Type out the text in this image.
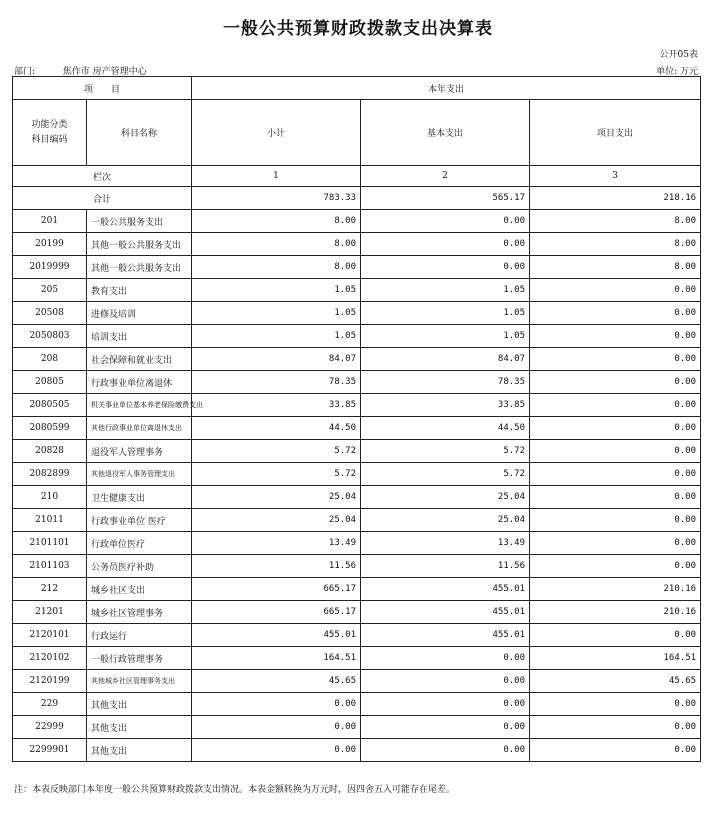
一般公共预算财政拨款支出决算表
公开05表
部门:	焦作市 房产管理中心	单位: 万元
项　　目		本年支出		
功能分类
科目编码	科目名称	小计	基本支出	项目支出
栏次		1	2	3
合计		783.33	565.17	218.16
201	一般公共服务支出	8.00	0.00	8.00
20199	其他一般公共服务支出	8.00	0.00	8.00
2019999	其他一般公共服务支出	8.00	0.00	8.00
205	教育支出	1.05	1.05	0.00
20508	进修及培训	1.05	1.05	0.00
2050803	培训支出	1.05	1.05	0.00
208	社会保障和就业支出	84.07	84.07	0.00
20805	行政事业单位离退休	78.35	78.35	0.00
2080505	机关事业单位基本养老保险缴费支出	33.85	33.85	0.00
2080599	其他行政事业单位离退休支出	44.50	44.50	0.00
20828	退役军人管理事务	5.72	5.72	0.00
2082899	其他退役军人事务管理支出	5.72	5.72	0.00
210	卫生健康支出	25.04	25.04	0.00
21011	行政事业单位 医疗	25.04	25.04	0.00
2101101	行政单位医疗	13.49	13.49	0.00
2101103	公务员医疗补助	11.56	11.56	0.00
212	城乡社区支出	665.17	455.01	210.16
21201	城乡社区管理事务	665.17	455.01	210.16
2120101	行政运行	455.01	455.01	0.00
2120102	一般行政管理事务	164.51	0.00	164.51
2120199	其他城乡社区管理事务支出	45.65	0.00	45.65
229	其他支出	0.00	0.00	0.00
22999	其他支出	0.00	0.00	0.00
2299901	其他支出	0.00	0.00	0.00
注：本表反映部门本年度一般公共预算财政拨款支出情况。本表金额转换为万元时，因四舍五入可能存在尾差。
